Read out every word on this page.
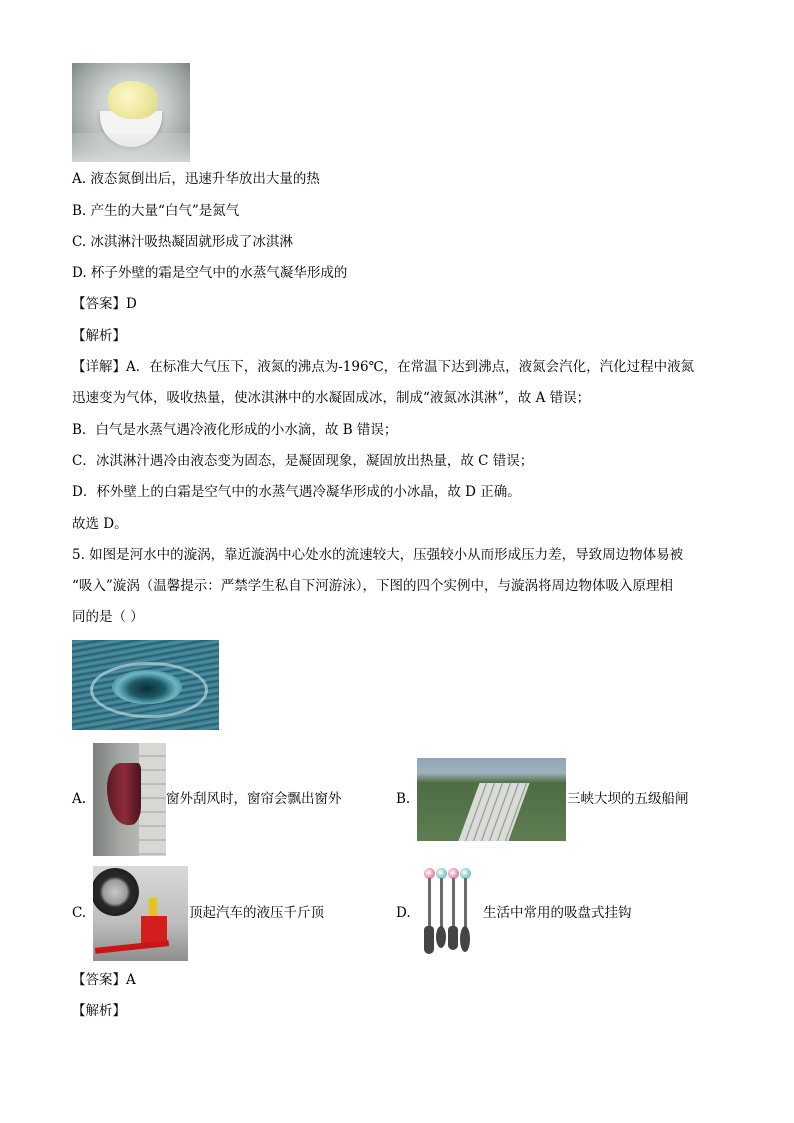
A. 液态氮倒出后，迅速升华放出大量的热
B. 产生的大量“白气”是氮气
C. 冰淇淋汁吸热凝固就形成了冰淇淋
D. 杯子外壁的霜是空气中的水蒸气凝华形成的
【答案】D
【解析】
【详解】A．在标准大气压下，液氮的沸点为-196℃，在常温下达到沸点，液氮会汽化，汽化过程中液氮
迅速变为气体，吸收热量，使冰淇淋中的水凝固成冰，制成“液氮冰淇淋”，故 A 错误；
B．白气是水蒸气遇冷液化形成的小水滴，故 B 错误；
C．冰淇淋汁遇冷由液态变为固态，是凝固现象，凝固放出热量，故 C 错误；
D．杯外壁上的白霜是空气中的水蒸气遇冷凝华形成的小冰晶，故 D 正确。
故选 D。
5. 如图是河水中的漩涡，靠近漩涡中心处水的流速较大，压强较小从而形成压力差，导致周边物体易被
“吸入”漩涡（温馨提示：严禁学生私自下河游泳），下图的四个实例中，与漩涡将周边物体吸入原理相
同的是（ ）
A.	窗外刮风时，窗帘会飘出窗外	B.	三峡大坝的五级船闸
C.	顶起汽车的液压千斤顶	D.	生活中常用的吸盘式挂钩
【答案】A
【解析】
